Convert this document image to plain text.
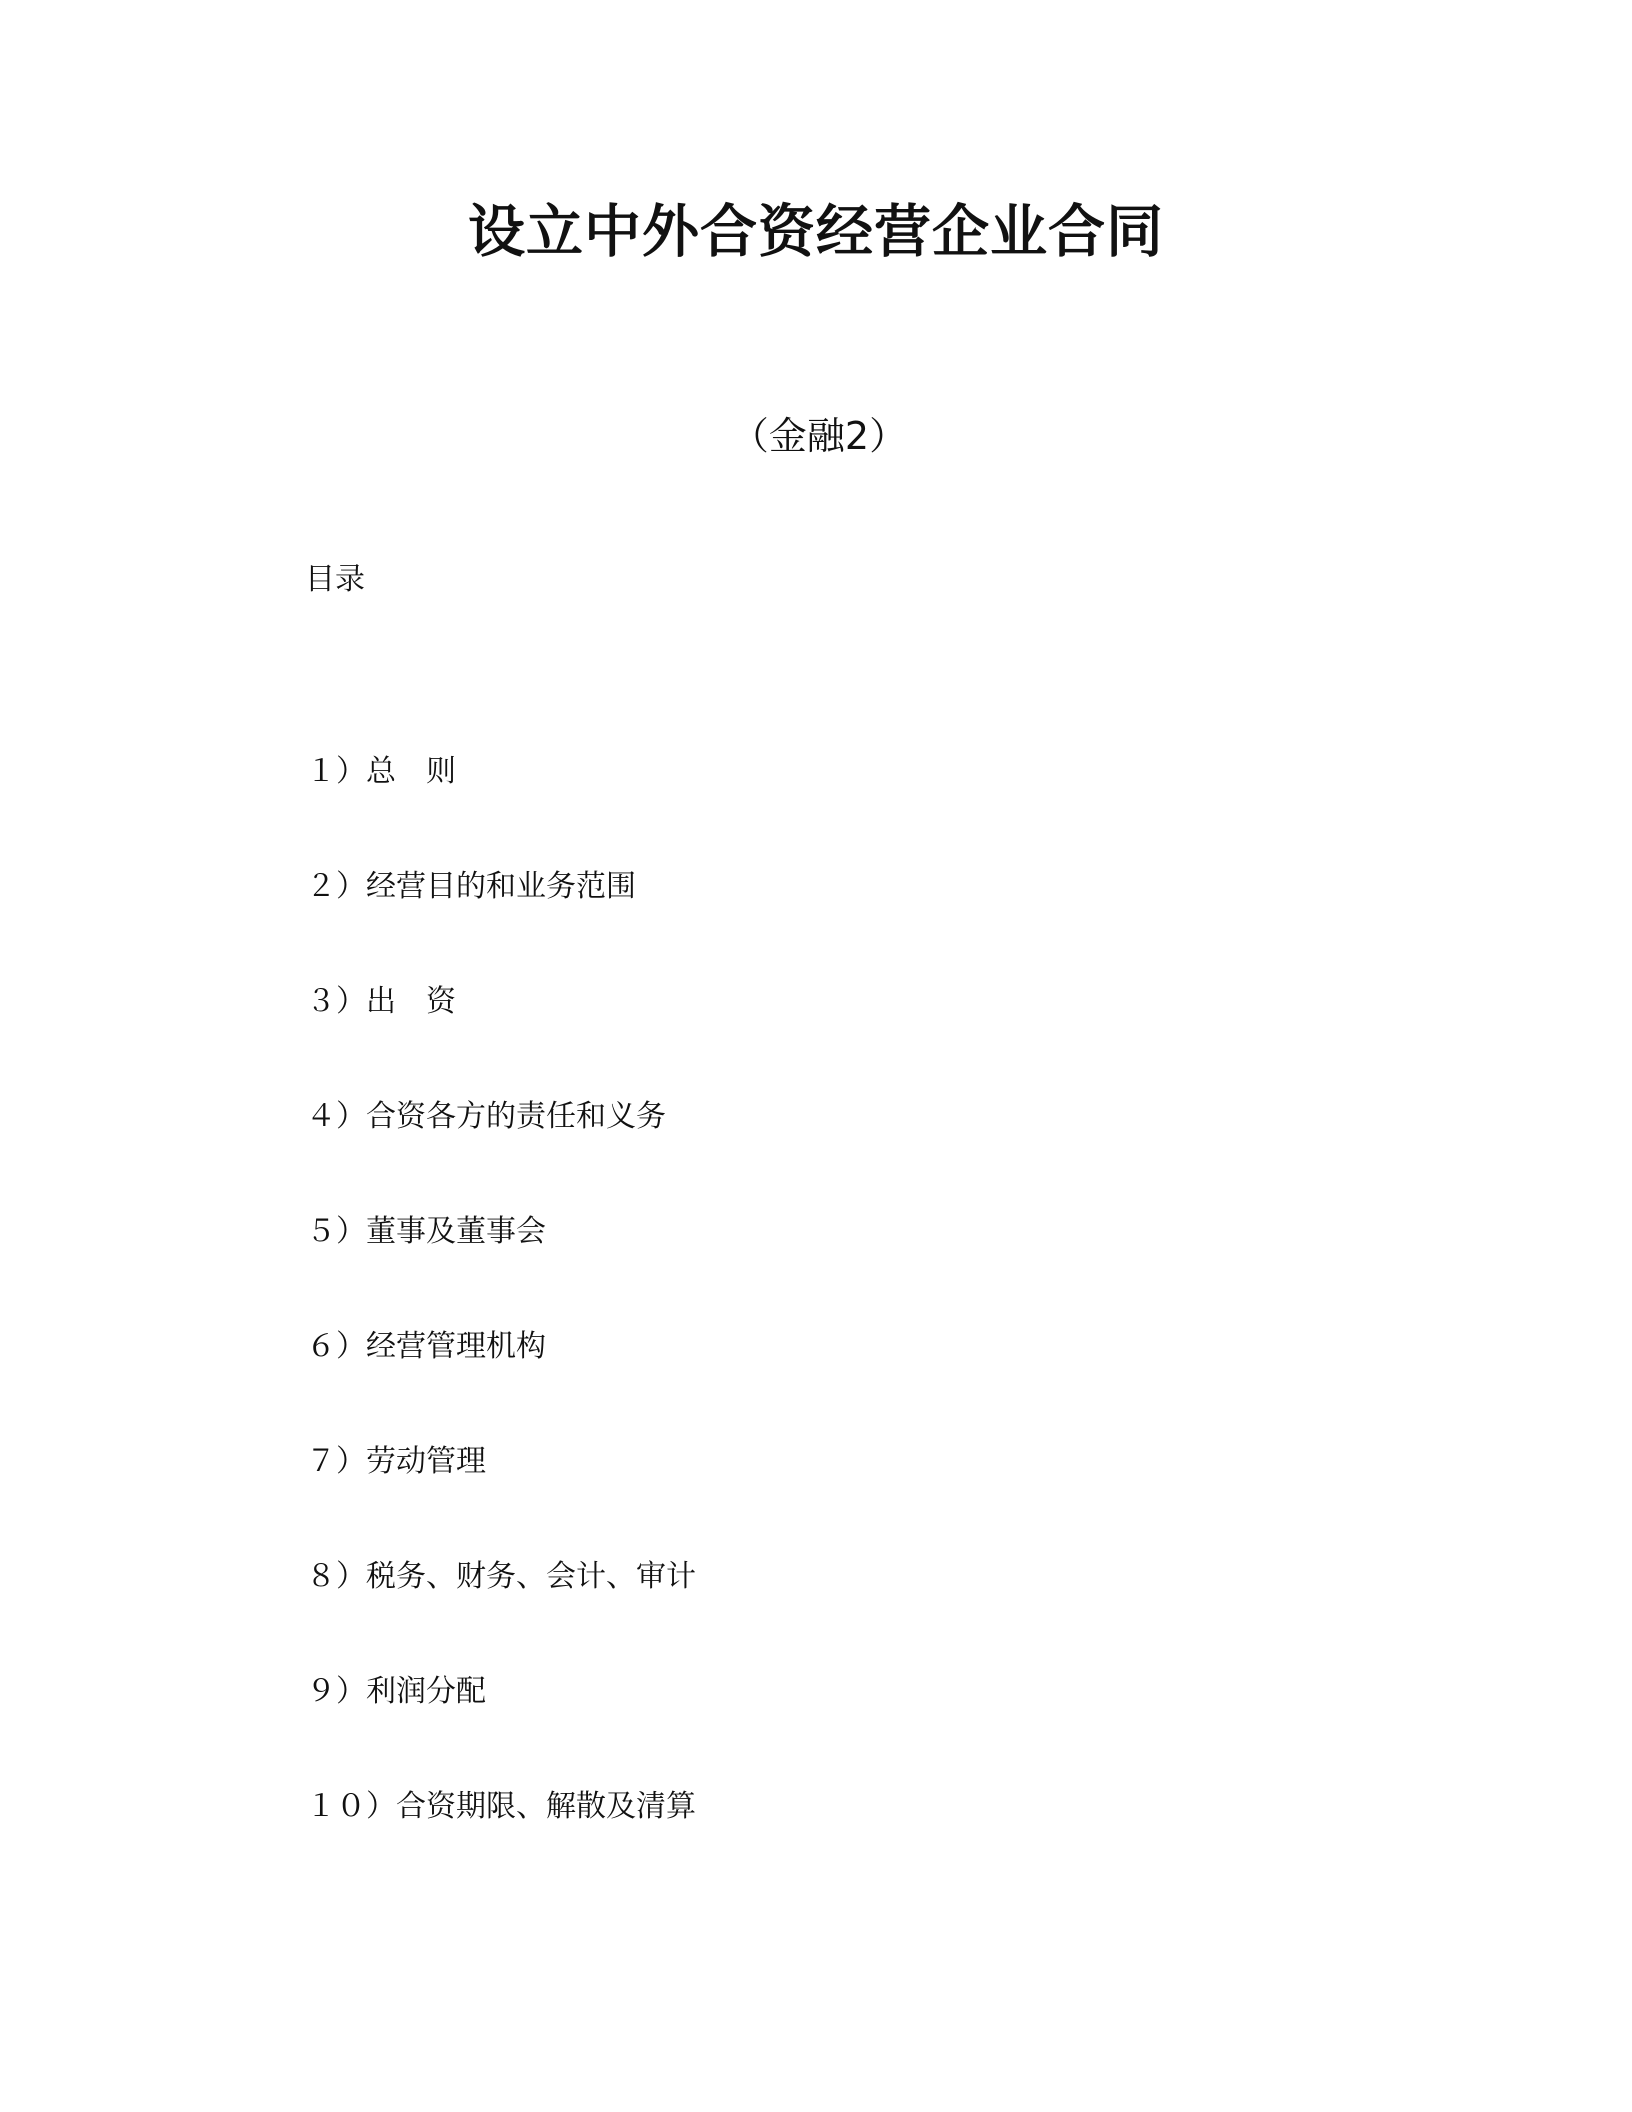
设立中外合资经营企业合同
（金融2）
目录
１）总　则
２）经营目的和业务范围
３）出　资
４）合资各方的责任和义务
５）董事及董事会
６）经营管理机构
７）劳动管理
８）税务、财务、会计、审计
９）利润分配
１０）合资期限、解散及清算
